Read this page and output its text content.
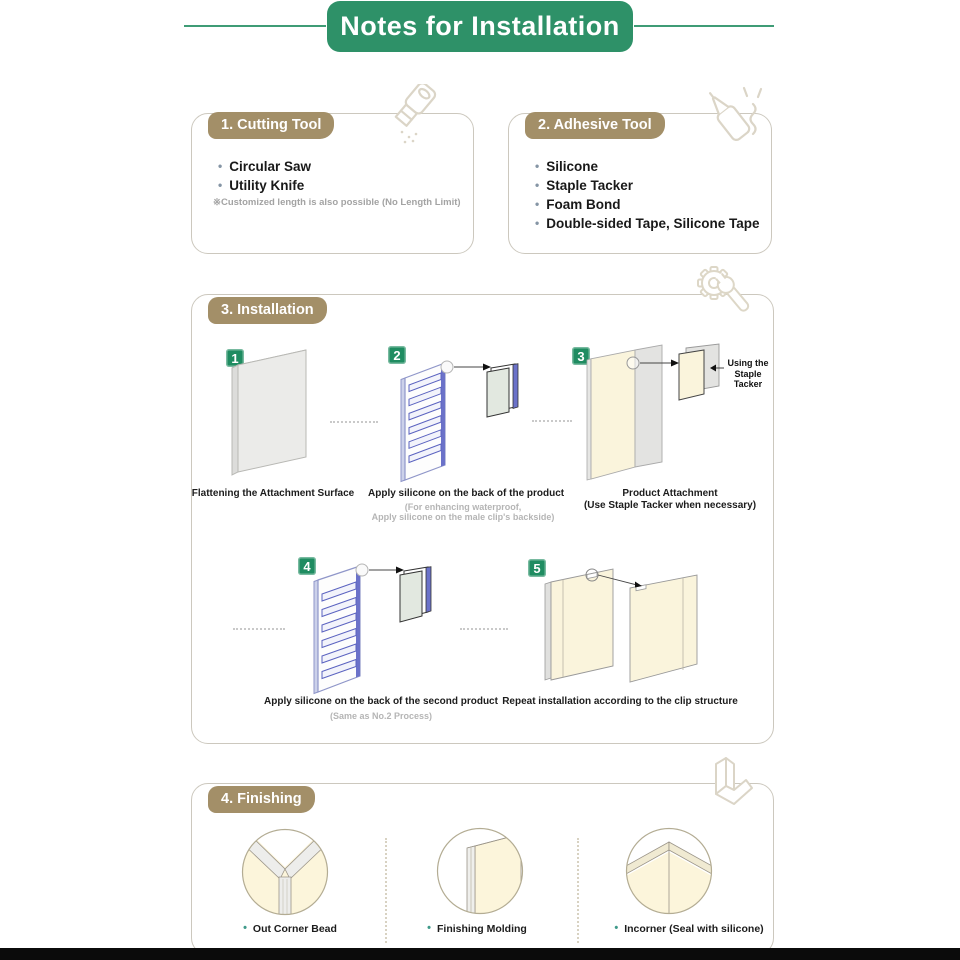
Notes for Installation
1. Cutting Tool
• Circular Saw
• Utility Knife
※Customized length is also possible (No Length Limit)
2. Adhesive Tool
• Silicone
• Staple Tacker
• Foam Bond
• Double-sided Tape, Silicone Tape
3. Installation
1	2	3
4	5
Using the
Staple Tacker
Flattening the Attachment Surface	Apply silicone on the back of the product
(For enhancing waterproof,
Apply silicone on the male clip's backside)
Product Attachment
(Use Staple Tacker when necessary)
Apply silicone on the back of the second product
(Same as No.2 Process)
Repeat installation according to the clip structure
4. Finishing
• Out Corner Bead	• Finishing Molding	• Incorner (Seal with silicone)
